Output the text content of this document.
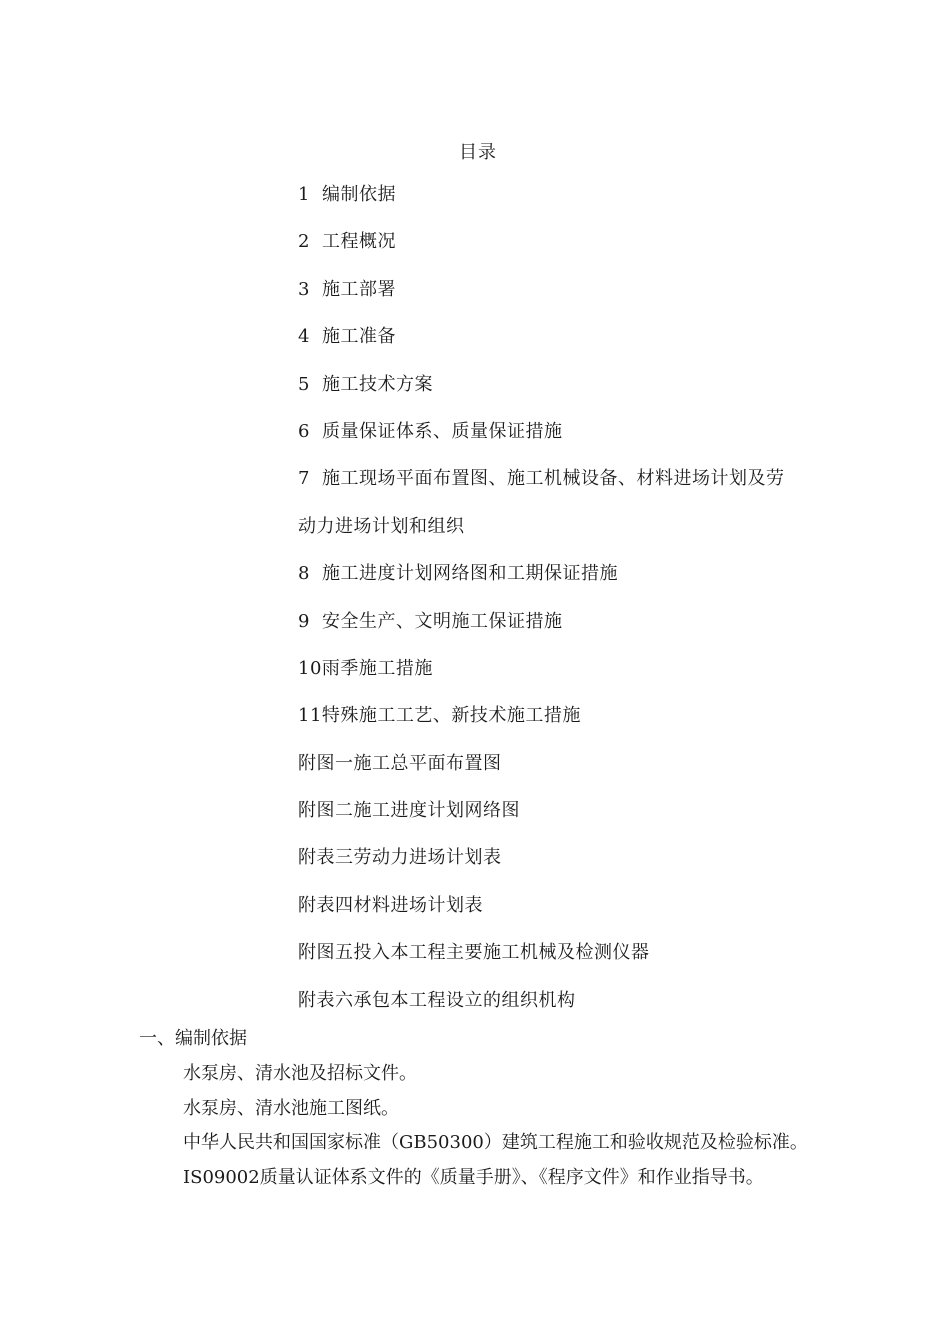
目录
1 编制依据
2 工程概况
3 施工部署
4 施工准备
5 施工技术方案
6 质量保证体系、质量保证措施
7 施工现场平面布置图、施工机械设备、材料进场计划及劳
动力进场计划和组织
8 施工进度计划网络图和工期保证措施
9 安全生产、文明施工保证措施
10雨季施工措施
11特殊施工工艺、新技术施工措施
附图一施工总平面布置图
附图二施工进度计划网络图
附表三劳动力进场计划表
附表四材料进场计划表
附图五投入本工程主要施工机械及检测仪器
附表六承包本工程设立的组织机构
一、编制依据
水泵房、清水池及招标文件。
水泵房、清水池施工图纸。
中华人民共和国国家标准（GB50300）建筑工程施工和验收规范及检验标准。
IS09002质量认证体系文件的《质量手册》、《程序文件》和作业指导书。
